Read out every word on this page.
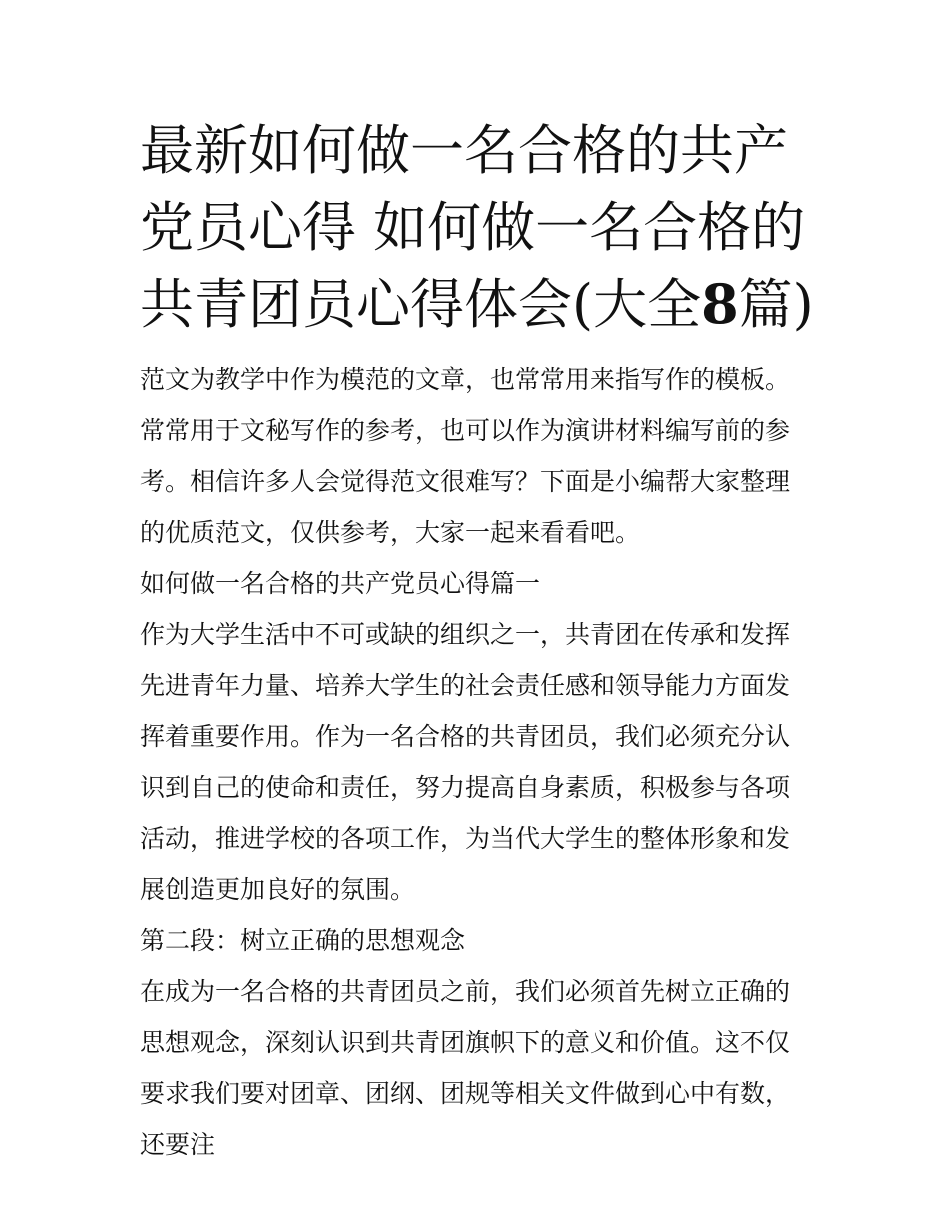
最新如何做一名合格的共产党员心得 如何做一名合格的共青团员心得体会(大全8篇)

范文为教学中作为模范的文章，也常常用来指写作的模板。常常用于文秘写作的参考，也可以作为演讲材料编写前的参考。相信许多人会觉得范文很难写？下面是小编帮大家整理的优质范文，仅供参考，大家一起来看看吧。

如何做一名合格的共产党员心得篇一

作为大学生活中不可或缺的组织之一，共青团在传承和发挥先进青年力量、培养大学生的社会责任感和领导能力方面发挥着重要作用。作为一名合格的共青团员，我们必须充分认识到自己的使命和责任，努力提高自身素质，积极参与各项活动，推进学校的各项工作，为当代大学生的整体形象和发展创造更加良好的氛围。

第二段：树立正确的思想观念

在成为一名合格的共青团员之前，我们必须首先树立正确的思想观念，深刻认识到共青团旗帜下的意义和价值。这不仅要求我们要对团章、团纲、团规等相关文件做到心中有数，还要注
